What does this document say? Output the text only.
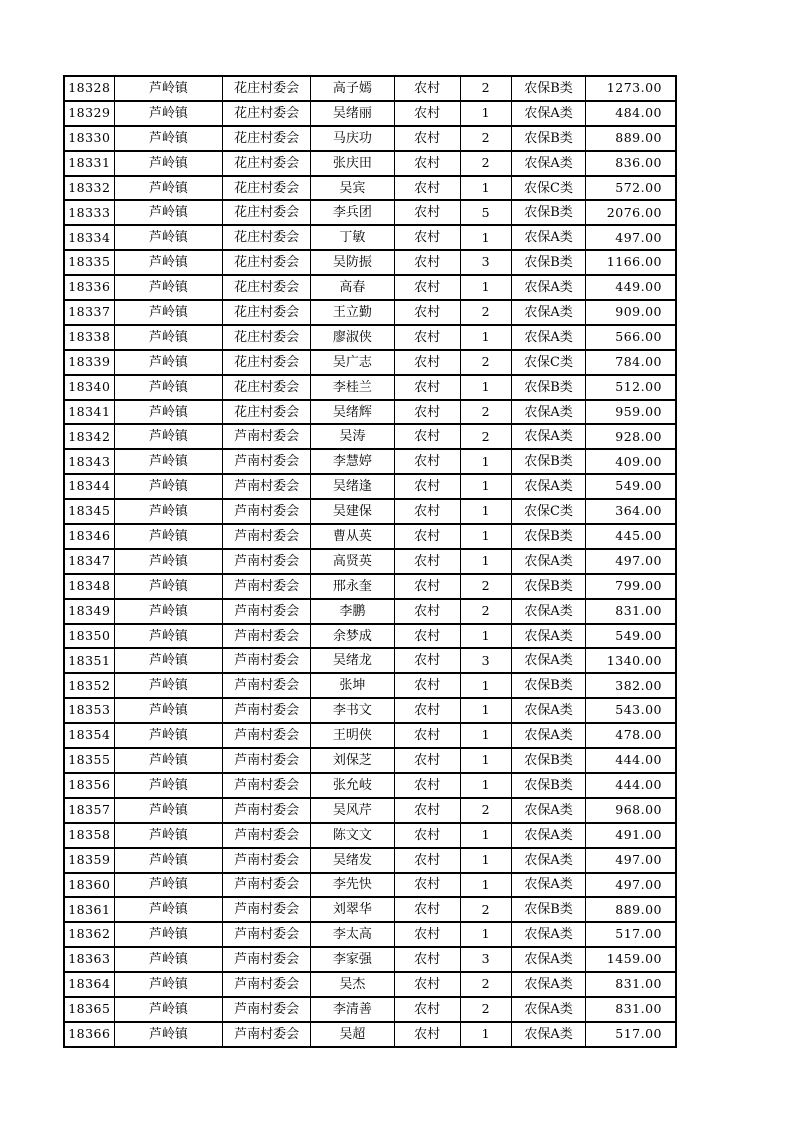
18328	芦岭镇	花庄村委会	高子嫣	农村	2	农保B类	1273.00
18329	芦岭镇	花庄村委会	吴绪丽	农村	1	农保A类	484.00
18330	芦岭镇	花庄村委会	马庆功	农村	2	农保B类	889.00
18331	芦岭镇	花庄村委会	张庆田	农村	2	农保A类	836.00
18332	芦岭镇	花庄村委会	吴宾	农村	1	农保C类	572.00
18333	芦岭镇	花庄村委会	李兵团	农村	5	农保B类	2076.00
18334	芦岭镇	花庄村委会	丁敏	农村	1	农保A类	497.00
18335	芦岭镇	花庄村委会	吴防振	农村	3	农保B类	1166.00
18336	芦岭镇	花庄村委会	高春	农村	1	农保A类	449.00
18337	芦岭镇	花庄村委会	王立勤	农村	2	农保A类	909.00
18338	芦岭镇	花庄村委会	廖淑侠	农村	1	农保A类	566.00
18339	芦岭镇	花庄村委会	吴广志	农村	2	农保C类	784.00
18340	芦岭镇	花庄村委会	李桂兰	农村	1	农保B类	512.00
18341	芦岭镇	花庄村委会	吴绪辉	农村	2	农保A类	959.00
18342	芦岭镇	芦南村委会	吴涛	农村	2	农保A类	928.00
18343	芦岭镇	芦南村委会	李慧婷	农村	1	农保B类	409.00
18344	芦岭镇	芦南村委会	吴绪逢	农村	1	农保A类	549.00
18345	芦岭镇	芦南村委会	吴建保	农村	1	农保C类	364.00
18346	芦岭镇	芦南村委会	曹从英	农村	1	农保B类	445.00
18347	芦岭镇	芦南村委会	高贤英	农村	1	农保A类	497.00
18348	芦岭镇	芦南村委会	邢永奎	农村	2	农保B类	799.00
18349	芦岭镇	芦南村委会	李鹏	农村	2	农保A类	831.00
18350	芦岭镇	芦南村委会	余梦成	农村	1	农保A类	549.00
18351	芦岭镇	芦南村委会	吴绪龙	农村	3	农保A类	1340.00
18352	芦岭镇	芦南村委会	张坤	农村	1	农保B类	382.00
18353	芦岭镇	芦南村委会	李书文	农村	1	农保A类	543.00
18354	芦岭镇	芦南村委会	王明侠	农村	1	农保A类	478.00
18355	芦岭镇	芦南村委会	刘保芝	农村	1	农保B类	444.00
18356	芦岭镇	芦南村委会	张允岐	农村	1	农保B类	444.00
18357	芦岭镇	芦南村委会	吴风芹	农村	2	农保A类	968.00
18358	芦岭镇	芦南村委会	陈文文	农村	1	农保A类	491.00
18359	芦岭镇	芦南村委会	吴绪发	农村	1	农保A类	497.00
18360	芦岭镇	芦南村委会	李先快	农村	1	农保A类	497.00
18361	芦岭镇	芦南村委会	刘翠华	农村	2	农保B类	889.00
18362	芦岭镇	芦南村委会	李太高	农村	1	农保A类	517.00
18363	芦岭镇	芦南村委会	李家强	农村	3	农保A类	1459.00
18364	芦岭镇	芦南村委会	吴杰	农村	2	农保A类	831.00
18365	芦岭镇	芦南村委会	李清善	农村	2	农保A类	831.00
18366	芦岭镇	芦南村委会	吴超	农村	1	农保A类	517.00
